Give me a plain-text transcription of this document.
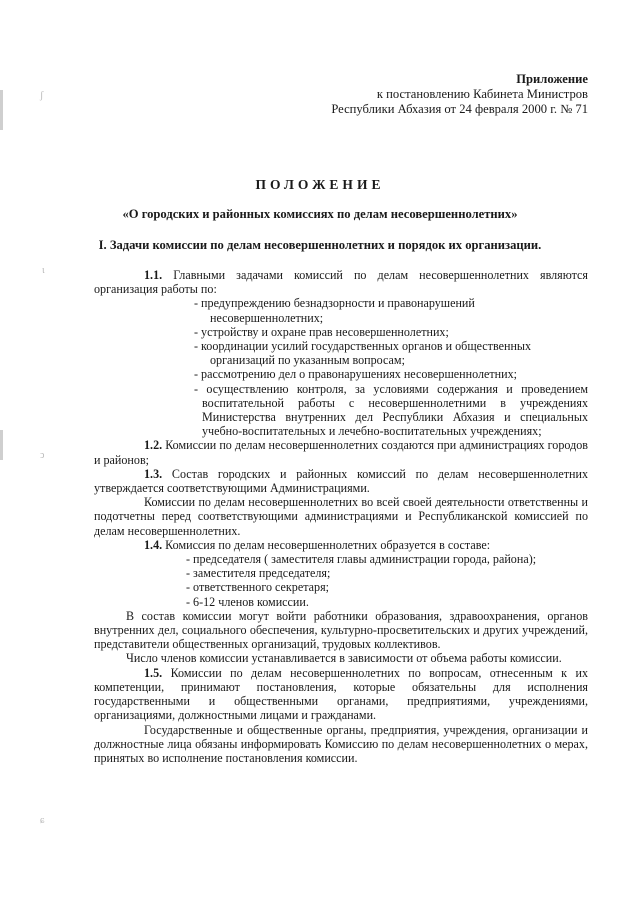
ʃ
ɩ
ↄ
ɕ
Приложение
к постановлению Кабинета Министров
Республики Абхазия от 24 февраля 2000 г. № 71
ПОЛОЖЕНИЕ
«О городских и районных комиссиях по делам несовершеннолетних»
I. Задачи комиссии по делам несовершеннолетних и порядок их организации.

1.1. Главными задачами комиссий по делам несовершеннолетних являются организация работы по:

- предупреждению безнадзорности и правонарушений
несовершеннолетних;
- устройству и охране прав несовершеннолетних;
- координации усилий государственных органов и общественных
организаций по указанным вопросам;
- рассмотрению дел о правонарушениях несовершеннолетних;
- осуществлению контроля, за условиями содержания и проведением воспитательной работы с несовершеннолетними в учреждениях Министерства внутренних дел Республики Абхазия и специальных учебно-воспитательных и лечебно-воспитательных учреждениях;

1.2. Комиссии по делам несовершеннолетних создаются при администрациях городов и районов;

1.3. Состав городских и районных комиссий по делам несовершеннолетних утверждается соответствующими Администрациями.

Комиссии по делам несовершеннолетних во всей своей деятельности ответственны и подотчетны перед соответствующими администрациями и Республиканской комиссией по делам несовершеннолетних.

1.4. Комиссия по делам несовершеннолетних образуется в составе:

- председателя ( заместителя главы администрации города, района);
- заместителя председателя;
- ответственного секретаря;
- 6-12 членов комиссии.

В состав комиссии могут войти работники образования, здравоохранения, органов внутренних дел, социального обеспечения, культурно-просветительских и других учреждений, представители общественных организаций, трудовых коллективов.

Число членов комиссии устанавливается в зависимости от объема работы комиссии.

1.5. Комиссии по делам несовершеннолетних по вопросам, отнесенным к их компетенции, принимают постановления, которые обязательны для исполнения государственными и общественными органами, предприятиями, учреждениями, организациями, должностными лицами и гражданами.

Государственные и общественные органы, предприятия, учреждения, организации и должностные лица обязаны информировать Комиссию по делам несовершеннолетних о мерах, принятых во исполнение постановления комиссии.
